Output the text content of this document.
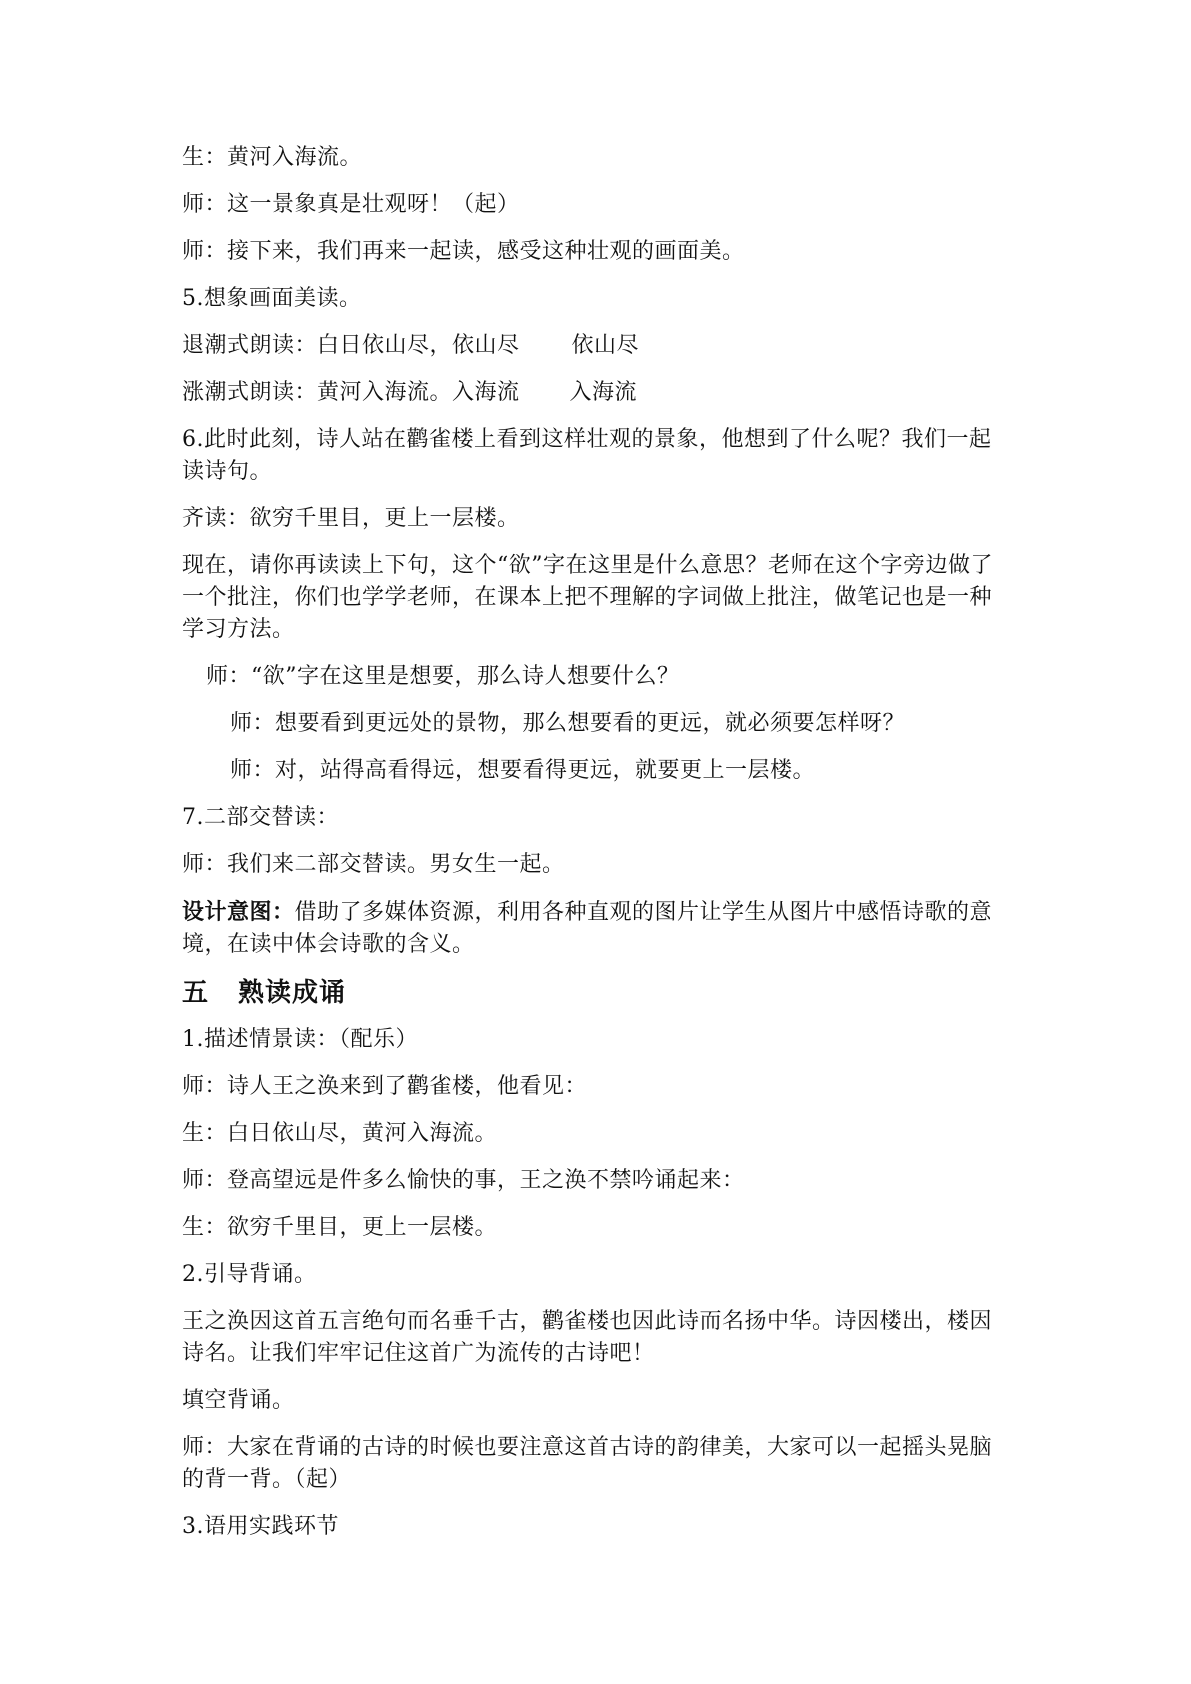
生：黄河入海流。

师：这一景象真是壮观呀！（起）

师：接下来，我们再来一起读，感受这种壮观的画面美。

5.想象画面美读。

退潮式朗读：白日依山尽，依山尽 依山尽

涨潮式朗读：黄河入海流。入海流 入海流

6.此时此刻，诗人站在鹳雀楼上看到这样壮观的景象，他想到了什么呢？我们一起读诗句。

齐读：欲穷千里目，更上一层楼。

现在，请你再读读上下句，这个“欲”字在这里是什么意思？老师在这个字旁边做了一个批注，你们也学学老师，在课本上把不理解的字词做上批注，做笔记也是一种学习方法。

师：“欲”字在这里是想要，那么诗人想要什么？

师：想要看到更远处的景物，那么想要看的更远，就必须要怎样呀？

师：对，站得高看得远，想要看得更远，就要更上一层楼。

7.二部交替读：

师：我们来二部交替读。男女生一起。

设计意图：借助了多媒体资源，利用各种直观的图片让学生从图片中感悟诗歌的意境，在读中体会诗歌的含义。

五 熟读成诵

1.描述情景读：（配乐）

师：诗人王之涣来到了鹳雀楼，他看见：

生：白日依山尽，黄河入海流。

师：登高望远是件多么愉快的事，王之涣不禁吟诵起来：

生：欲穷千里目，更上一层楼。

2.引导背诵。

王之涣因这首五言绝句而名垂千古，鹳雀楼也因此诗而名扬中华。诗因楼出，楼因诗名。让我们牢牢记住这首广为流传的古诗吧！

填空背诵。

师：大家在背诵的古诗的时候也要注意这首古诗的韵律美，大家可以一起摇头晃脑的背一背。（起）

3.语用实践环节
